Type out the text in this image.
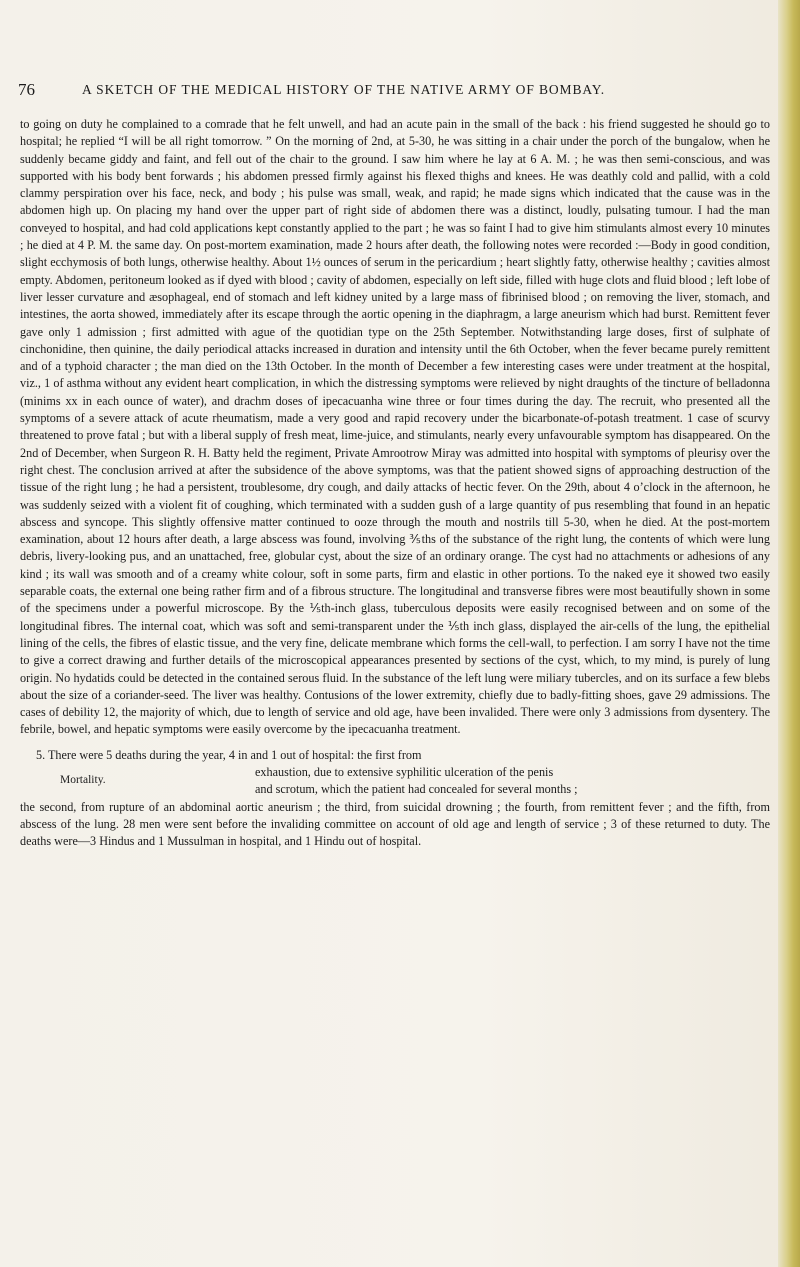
76	A SKETCH OF THE MEDICAL HISTORY OF THE NATIVE ARMY OF BOMBAY.

to going on duty he complained to a comrade that he felt unwell, and had an acute pain in the small of the back : his friend suggested he should go to hospital; he replied “I will be all right tomorrow. ” On the morning of 2nd, at 5-30, he was sitting in a chair under the porch of the bungalow, when he suddenly became giddy and faint, and fell out of the chair to the ground. I saw him where he lay at 6 A. M. ; he was then semi-conscious, and was supported with his body bent forwards ; his abdomen pressed firmly against his flexed thighs and knees. He was deathly cold and pallid, with a cold clammy perspiration over his face, neck, and body ; his pulse was small, weak, and rapid; he made signs which indicated that the cause was in the abdomen high up. On placing my hand over the upper part of right side of abdomen there was a distinct, loudly, pulsating tumour. I had the man conveyed to hospital, and had cold applications kept constantly applied to the part ; he was so faint I had to give him stimulants almost every 10 minutes ; he died at 4 P. M. the same day. On post-mortem examination, made 2 hours after death, the following notes were recorded :—Body in good condition, slight ecchymosis of both lungs, otherwise healthy. About 1½ ounces of serum in the pericardium ; heart slightly fatty, otherwise healthy ; cavities almost empty. Abdomen, peritoneum looked as if dyed with blood ; cavity of abdomen, especially on left side, filled with huge clots and fluid blood ; left lobe of liver lesser curvature and æsophageal, end of stomach and left kidney united by a large mass of fibrinised blood ; on removing the liver, stomach, and intestines, the aorta showed, immediately after its escape through the aortic opening in the diaphragm, a large aneurism which had burst. Remittent fever gave only 1 admission ; first admitted with ague of the quotidian type on the 25th September. Notwithstanding large doses, first of sulphate of cinchonidine, then quinine, the daily periodical attacks increased in duration and intensity until the 6th October, when the fever became purely remittent and of a typhoid character ; the man died on the 13th October. In the month of December a few interesting cases were under treatment at the hospital, viz., 1 of asthma without any evident heart complication, in which the distressing symptoms were relieved by night draughts of the tincture of belladonna (minims xx in each ounce of water), and drachm doses of ipecacuanha wine three or four times during the day. The recruit, who presented all the symptoms of a severe attack of acute rheumatism, made a very good and rapid recovery under the bicarbonate-of-potash treatment. 1 case of scurvy threatened to prove fatal ; but with a liberal supply of fresh meat, lime-juice, and stimulants, nearly every unfavourable symptom has disappeared. On the 2nd of December, when Surgeon R. H. Batty held the regiment, Private Amrootrow Miray was admitted into hospital with symptoms of pleurisy over the right chest. The conclusion arrived at after the subsidence of the above symptoms, was that the patient showed signs of approaching destruction of the tissue of the right lung ; he had a persistent, troublesome, dry cough, and daily attacks of hectic fever. On the 29th, about 4 o’clock in the afternoon, he was suddenly seized with a violent fit of coughing, which terminated with a sudden gush of a large quantity of pus resembling that found in an hepatic abscess and syncope. This slightly offensive matter continued to ooze through the mouth and nostrils till 5-30, when he died. At the post-mortem examination, about 12 hours after death, a large abscess was found, involving ⅗ths of the substance of the right lung, the contents of which were lung debris, livery-looking pus, and an unattached, free, globular cyst, about the size of an ordinary orange. The cyst had no attachments or adhesions of any kind ; its wall was smooth and of a creamy white colour, soft in some parts, firm and elastic in other portions. To the naked eye it showed two easily separable coats, the external one being rather firm and of a fibrous structure. The longitudinal and transverse fibres were most beautifully shown in some of the specimens under a powerful microscope. By the ⅕th-inch glass, tuberculous deposits were easily recognised between and on some of the longitudinal fibres. The internal coat, which was soft and semi-transparent under the ⅕th inch glass, displayed the air-cells of the lung, the epithelial lining of the cells, the fibres of elastic tissue, and the very fine, delicate membrane which forms the cell-wall, to perfection. I am sorry I have not the time to give a correct drawing and further details of the microscopical appearances presented by sections of the cyst, which, to my mind, is purely of lung origin. No hydatids could be detected in the contained serous fluid. In the substance of the left lung were miliary tubercles, and on its surface a few blebs about the size of a coriander-seed. The liver was healthy. Contusions of the lower extremity, chiefly due to badly-fitting shoes, gave 29 admissions. The cases of debility 12, the majority of which, due to length of service and old age, have been invalided. There were only 3 admissions from dysentery. The febrile, bowel, and hepatic symptoms were easily overcome by the ipecacuanha treatment.

5. There were 5 deaths during the year, 4 in and 1 out of hospital: the first from

Mortality.
exhaustion, due to extensive syphilitic ulceration of the penis
and scrotum, which the patient had concealed for several months ;

the second, from rupture of an abdominal aortic aneurism ; the third, from suicidal drowning ; the fourth, from remittent fever ; and the fifth, from abscess of the lung. 28 men were sent before the invaliding committee on account of old age and length of service ; 3 of these returned to duty. The deaths were—3 Hindus and 1 Mussulman in hospital, and 1 Hindu out of hospital.
